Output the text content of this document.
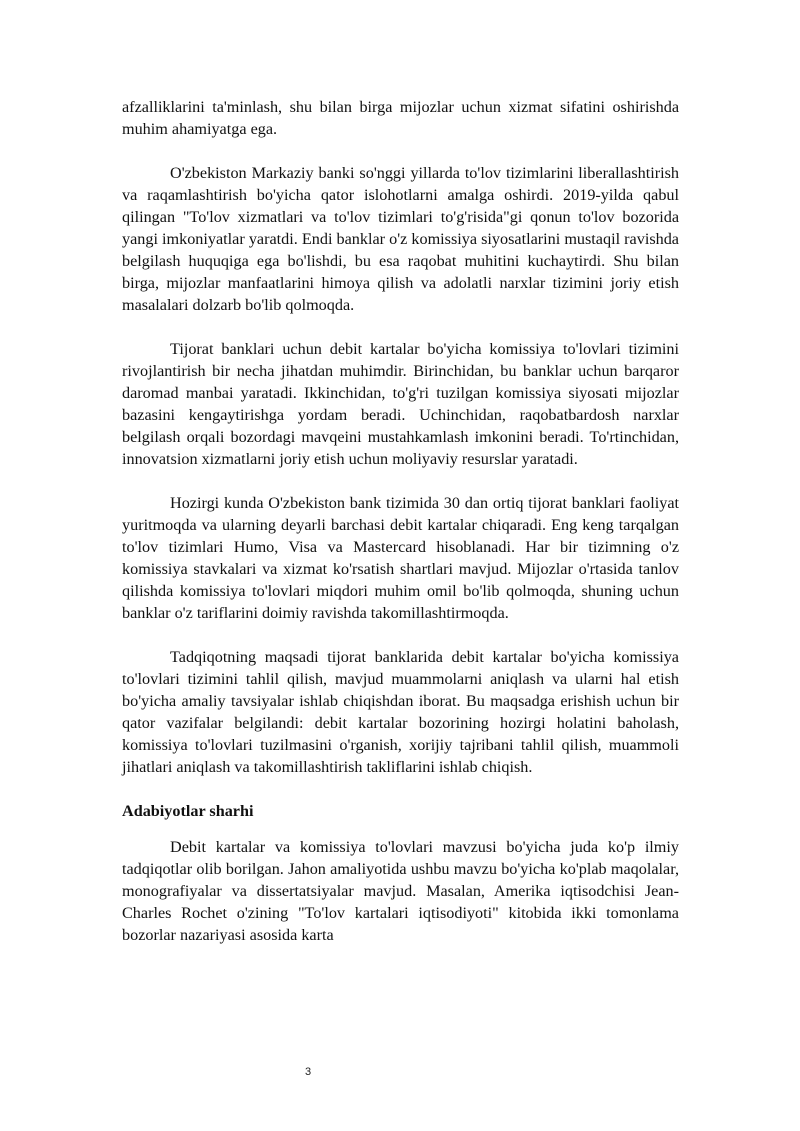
afzalliklarini ta'minlash, shu bilan birga mijozlar uchun xizmat sifatini oshirishda muhim ahamiyatga ega.

O'zbekiston Markaziy banki so'nggi yillarda to'lov tizimlarini liberallashtirish va raqamlashtirish bo'yicha qator islohotlarni amalga oshirdi. 2019-yilda qabul qilingan "To'lov xizmatlari va to'lov tizimlari to'g'risida"gi qonun to'lov bozorida yangi imkoniyatlar yaratdi. Endi banklar o'z komissiya siyosatlarini mustaqil ravishda belgilash huquqiga ega bo'lishdi, bu esa raqobat muhitini kuchaytirdi. Shu bilan birga, mijozlar manfaatlarini himoya qilish va adolatli narxlar tizimini joriy etish masalalari dolzarb bo'lib qolmoqda.

Tijorat banklari uchun debit kartalar bo'yicha komissiya to'lovlari tizimini rivojlantirish bir necha jihatdan muhimdir. Birinchidan, bu banklar uchun barqaror daromad manbai yaratadi. Ikkinchidan, to'g'ri tuzilgan komissiya siyosati mijozlar bazasini kengaytirishga yordam beradi. Uchinchidan, raqobatbardosh narxlar belgilash orqali bozordagi mavqeini mustahkamlash imkonini beradi. To'rtinchidan, innovatsion xizmatlarni joriy etish uchun moliyaviy resurslar yaratadi.

Hozirgi kunda O'zbekiston bank tizimida 30 dan ortiq tijorat banklari faoliyat yuritmoqda va ularning deyarli barchasi debit kartalar chiqaradi. Eng keng tarqalgan to'lov tizimlari Humo, Visa va Mastercard hisoblanadi. Har bir tizimning o'z komissiya stavkalari va xizmat ko'rsatish shartlari mavjud. Mijozlar o'rtasida tanlov qilishda komissiya to'lovlari miqdori muhim omil bo'lib qolmoqda, shuning uchun banklar o'z tariflarini doimiy ravishda takomillashtirmoqda.

Tadqiqotning maqsadi tijorat banklarida debit kartalar bo'yicha komissiya to'lovlari tizimini tahlil qilish, mavjud muammolarni aniqlash va ularni hal etish bo'yicha amaliy tavsiyalar ishlab chiqishdan iborat. Bu maqsadga erishish uchun bir qator vazifalar belgilandi: debit kartalar bozorining hozirgi holatini baholash, komissiya to'lovlari tuzilmasini o'rganish, xorijiy tajribani tahlil qilish, muammoli jihatlari aniqlash va takomillashtirish takliflarini ishlab chiqish.

Adabiyotlar sharhi

Debit kartalar va komissiya to'lovlari mavzusi bo'yicha juda ko'p ilmiy tadqiqotlar olib borilgan. Jahon amaliyotida ushbu mavzu bo'yicha ko'plab maqolalar, monografiyalar va dissertatsiyalar mavjud. Masalan, Amerika iqtisodchisi Jean-Charles Rochet o'zining "To'lov kartalari iqtisodiyoti" kitobida ikki tomonlama bozorlar nazariyasi asosida karta

3
